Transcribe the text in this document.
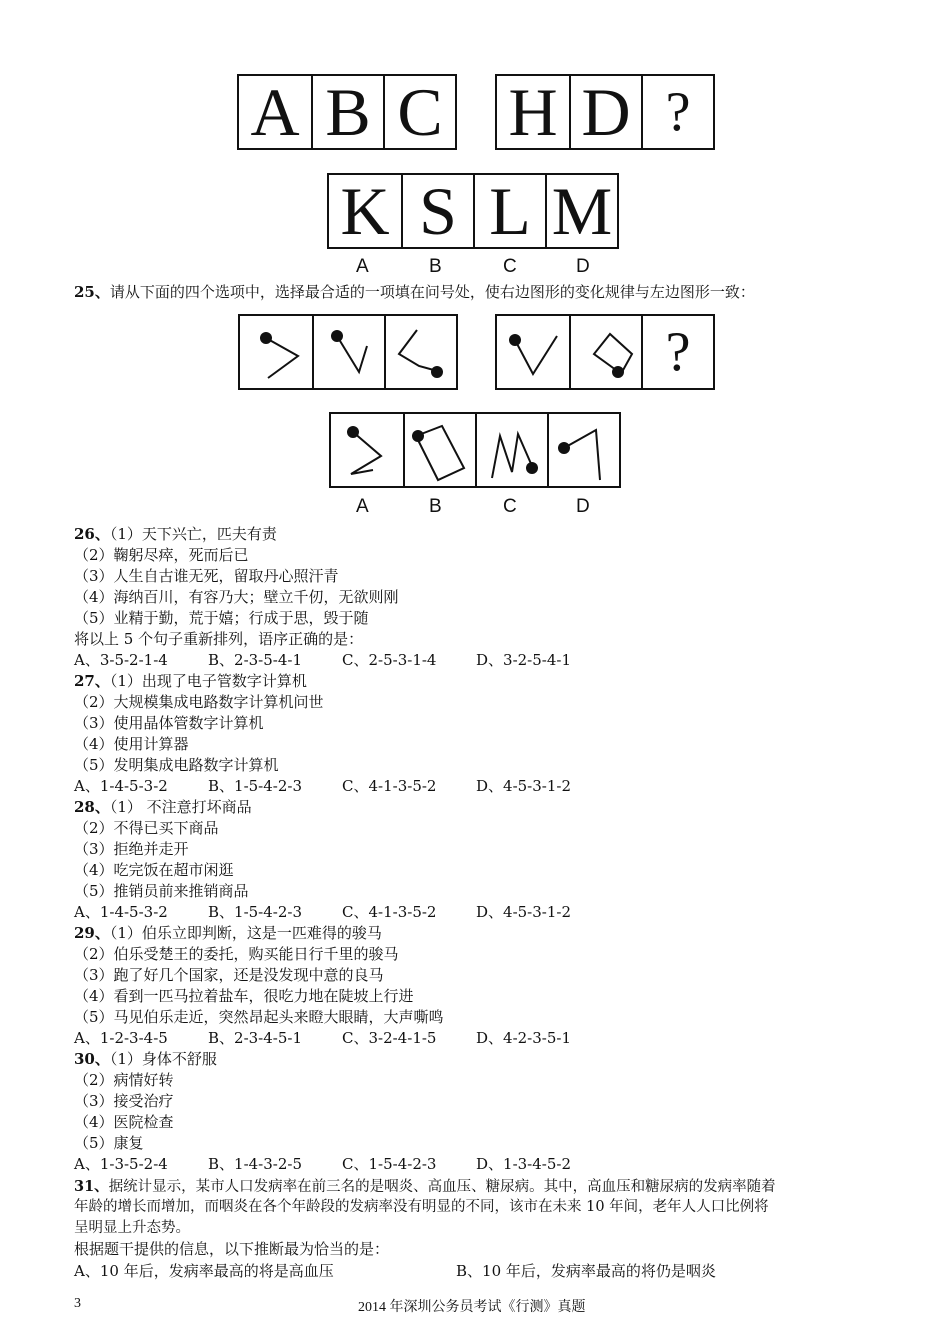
A B C H D ?
K S L M
A	B	C	D
25、请从下面的四个选项中，选择最合适的一项填在问号处，使右边图形的变化规律与左边图形一致：
?
A	B	C	D
26、（1）天下兴亡，匹夫有责
（2）鞠躬尽瘁，死而后已
（3）人生自古谁无死，留取丹心照汗青
（4）海纳百川，有容乃大；壁立千仞，无欲则刚
（5）业精于勤，荒于嬉；行成于思，毁于随
将以上 5 个句子重新排列，语序正确的是：
A、3-5-2-1-4	B、2-3-5-4-1	C、2-5-3-1-4	D、3-2-5-4-1
27、（1）出现了电子管数字计算机
（2）大规模集成电路数字计算机问世
（3）使用晶体管数字计算机
（4）使用计算器
（5）发明集成电路数字计算机
A、1-4-5-3-2	B、1-5-4-2-3	C、4-1-3-5-2	D、4-5-3-1-2
28、（1） 不注意打坏商品
（2）不得已买下商品
（3）拒绝并走开
（4）吃完饭在超市闲逛
（5）推销员前来推销商品
A、1-4-5-3-2	B、1-5-4-2-3	C、4-1-3-5-2	D、4-5-3-1-2
29、（1）伯乐立即判断，这是一匹难得的骏马
（2）伯乐受楚王的委托，购买能日行千里的骏马
（3）跑了好几个国家，还是没发现中意的良马
（4）看到一匹马拉着盐车，很吃力地在陡坡上行进
（5）马见伯乐走近，突然昂起头来瞪大眼睛，大声嘶鸣
A、1-2-3-4-5	B、2-3-4-5-1	C、3-2-4-1-5	D、4-2-3-5-1
30、（1）身体不舒服
（2）病情好转
（3）接受治疗
（4）医院检查
（5）康复
A、1-3-5-2-4	B、1-4-3-2-5	C、1-5-4-2-3	D、1-3-4-5-2
31、据统计显示，某市人口发病率在前三名的是咽炎、高血压、糖尿病。其中，高血压和糖尿病的发病率随着
年龄的增长而增加，而咽炎在各个年龄段的发病率没有明显的不同，该市在未来 10 年间，老年人人口比例将
呈明显上升态势。
根据题干提供的信息，以下推断最为恰当的是：
A、10 年后，发病率最高的将是高血压	B、10 年后，发病率最高的将仍是咽炎
3	2014 年深圳公务员考试《行测》真题
